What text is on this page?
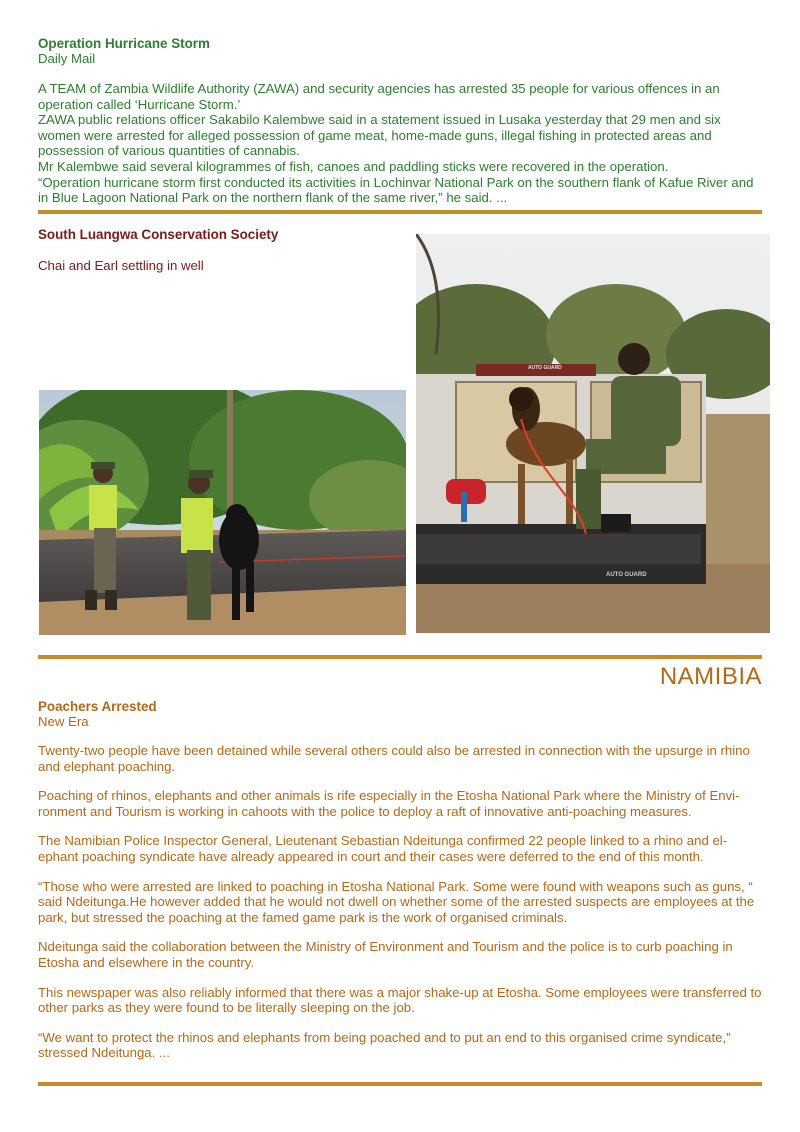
Operation Hurricane Storm
Daily Mail
A TEAM of Zambia Wildlife Authority (ZAWA) and security agencies has arrested 35 people for various offences in an operation called ‘Hurricane Storm.’
ZAWA public relations officer Sakabilo Kalembwe said in a statement issued in Lusaka yesterday that 29 men and six women were arrested for alleged possession of game meat, home-made guns, illegal fishing in protected areas and possession of various quantities of cannabis.
Mr Kalembwe said several kilogrammes of fish, canoes and paddling sticks were recovered in the operation.
“Operation hurricane storm first conducted its activities in Lochinvar National Park on the southern flank of Kafue River and in Blue Lagoon National Park on the northern flank of the same river,” he said. ...
South Luangwa Conservation Society
Chai and Earl settling in well
AUTO GUARD
AUTO GUARD
NAMIBIA
Poachers Arrested
New Era
Twenty-two people have been detained while several others could also be arrested in connection with the upsurge in rhino and elephant poaching.
Poaching of rhinos, elephants and other animals is rife especially in the Etosha National Park where the Ministry of Envi-ronment and Tourism is working in cahoots with the police to deploy a raft of innovative anti-poaching measures.
The Namibian Police Inspector General, Lieutenant Sebastian Ndeitunga confirmed 22 people linked to a rhino and el-ephant poaching syndicate have already appeared in court and their cases were deferred to the end of this month.
“Those who were arrested are linked to poaching in Etosha National Park. Some were found with weapons such as guns, “ said Ndeitunga.He however added that he would not dwell on whether some of the arrested suspects are employees at the park, but stressed the poaching at the famed game park is the work of organised criminals.
Ndeitunga said the collaboration between the Ministry of Environment and Tourism and the police is to curb poaching in Etosha and elsewhere in the country.
This newspaper was also reliably informed that there was a major shake-up at Etosha. Some employees were transferred to other parks as they were found to be literally sleeping on the job.
“We want to protect the rhinos and elephants from being poached and to put an end to this organised crime syndicate,” stressed Ndeitunga. ...
